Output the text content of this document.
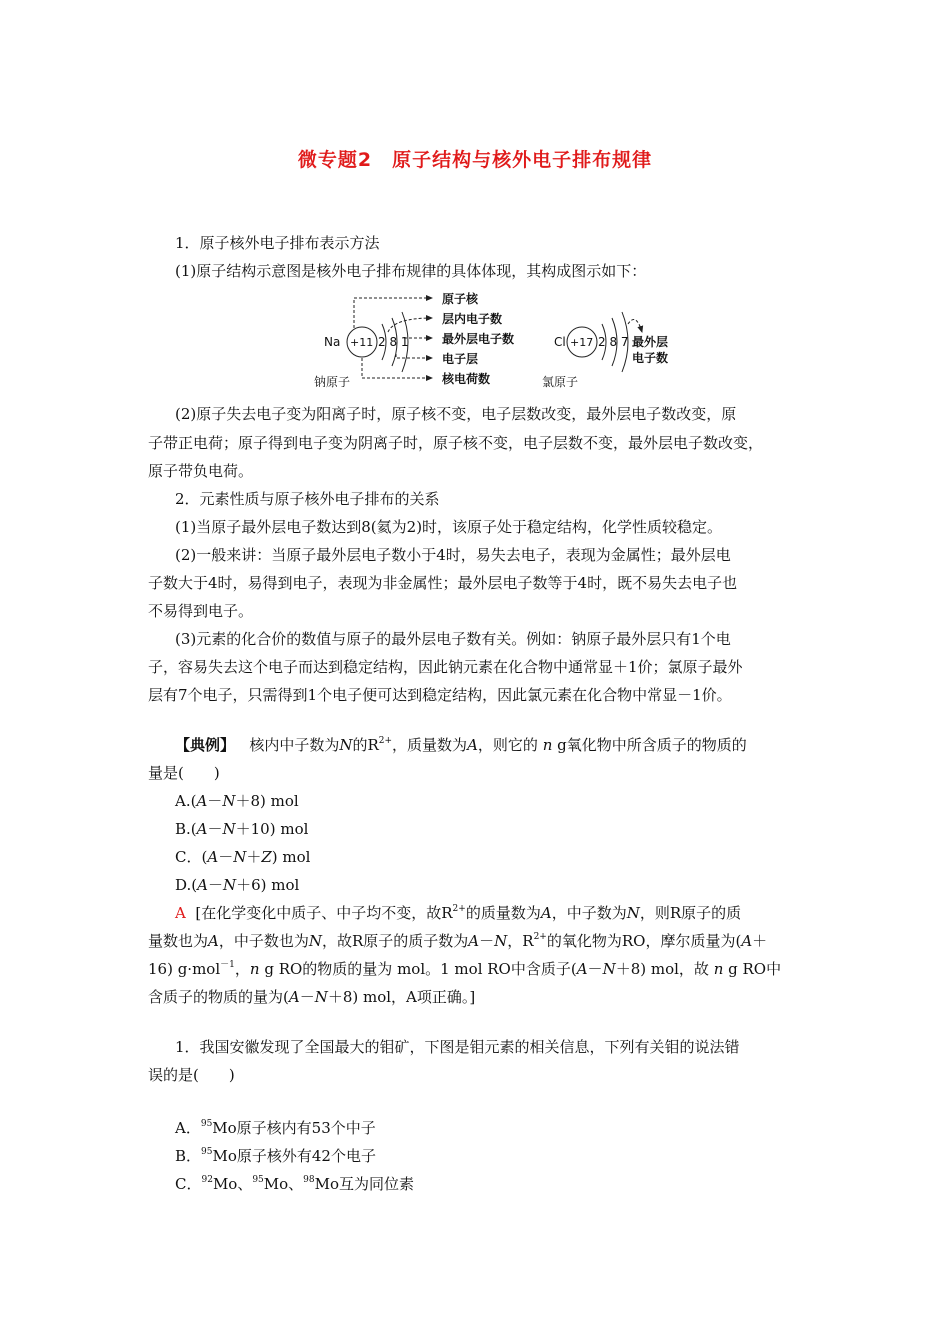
微专题2　原子结构与核外电子排布规律
1．原子核外电子排布表示方法
(1)原子结构示意图是核外电子排布规律的具体体现，其构成图示如下：
Na +11 2 8 1
钠原子
原子核
层内电子数
最外层电子数
电子层
核电荷数
Cl +17 2 8 7
氯原子
最外层
电子数
(2)原子失去电子变为阳离子时，原子核不变，电子层数改变，最外层电子数改变，原
子带正电荷；原子得到电子变为阴离子时，原子核不变，电子层数不变，最外层电子数改变，
原子带负电荷。
2．元素性质与原子核外电子排布的关系
(1)当原子最外层电子数达到8(氦为2)时，该原子处于稳定结构，化学性质较稳定。
(2)一般来讲：当原子最外层电子数小于4时，易失去电子，表现为金属性；最外层电
子数大于4时，易得到电子，表现为非金属性；最外层电子数等于4时，既不易失去电子也
不易得到电子。
(3)元素的化合价的数值与原子的最外层电子数有关。例如：钠原子最外层只有1个电
子，容易失去这个电子而达到稳定结构，因此钠元素在化合物中通常显＋1价；氯原子最外
层有7个电子，只需得到1个电子便可达到稳定结构，因此氯元素在化合物中常显－1价。
【典例】 核内中子数为N的$R^{2+}$，质量数为A，则它的 n g氧化物中所含质子的物质的
量是(　　)
A.(A－N＋8) mol
B.(A－N＋10) mol
C．(A－N＋Z) mol
D.(A－N＋6) mol
A [在化学变化中质子、中子均不变，故$R^{2+}$的质量数为A，中子数为N，则R原子的质
量数也为A，中子数也为N，故R原子的质子数为A－N，$R^{2+}$的氧化物为RO，摩尔质量为(A＋
16) g·mol$^{-1}$，n g RO的物质的量为 mol。1 mol RO中含质子(A－N＋8) mol，故 n g RO中
含质子的物质的量为(A－N＋8) mol，A项正确。]
1．我国安徽发现了全国最大的钼矿，下图是钼元素的相关信息，下列有关钼的说法错
误的是(　　)
A．$^{95}$Mo原子核内有53个中子
B．$^{95}$Mo原子核外有42个电子
C．$^{92}$Mo、$^{95}$Mo、$^{98}$Mo互为同位素
